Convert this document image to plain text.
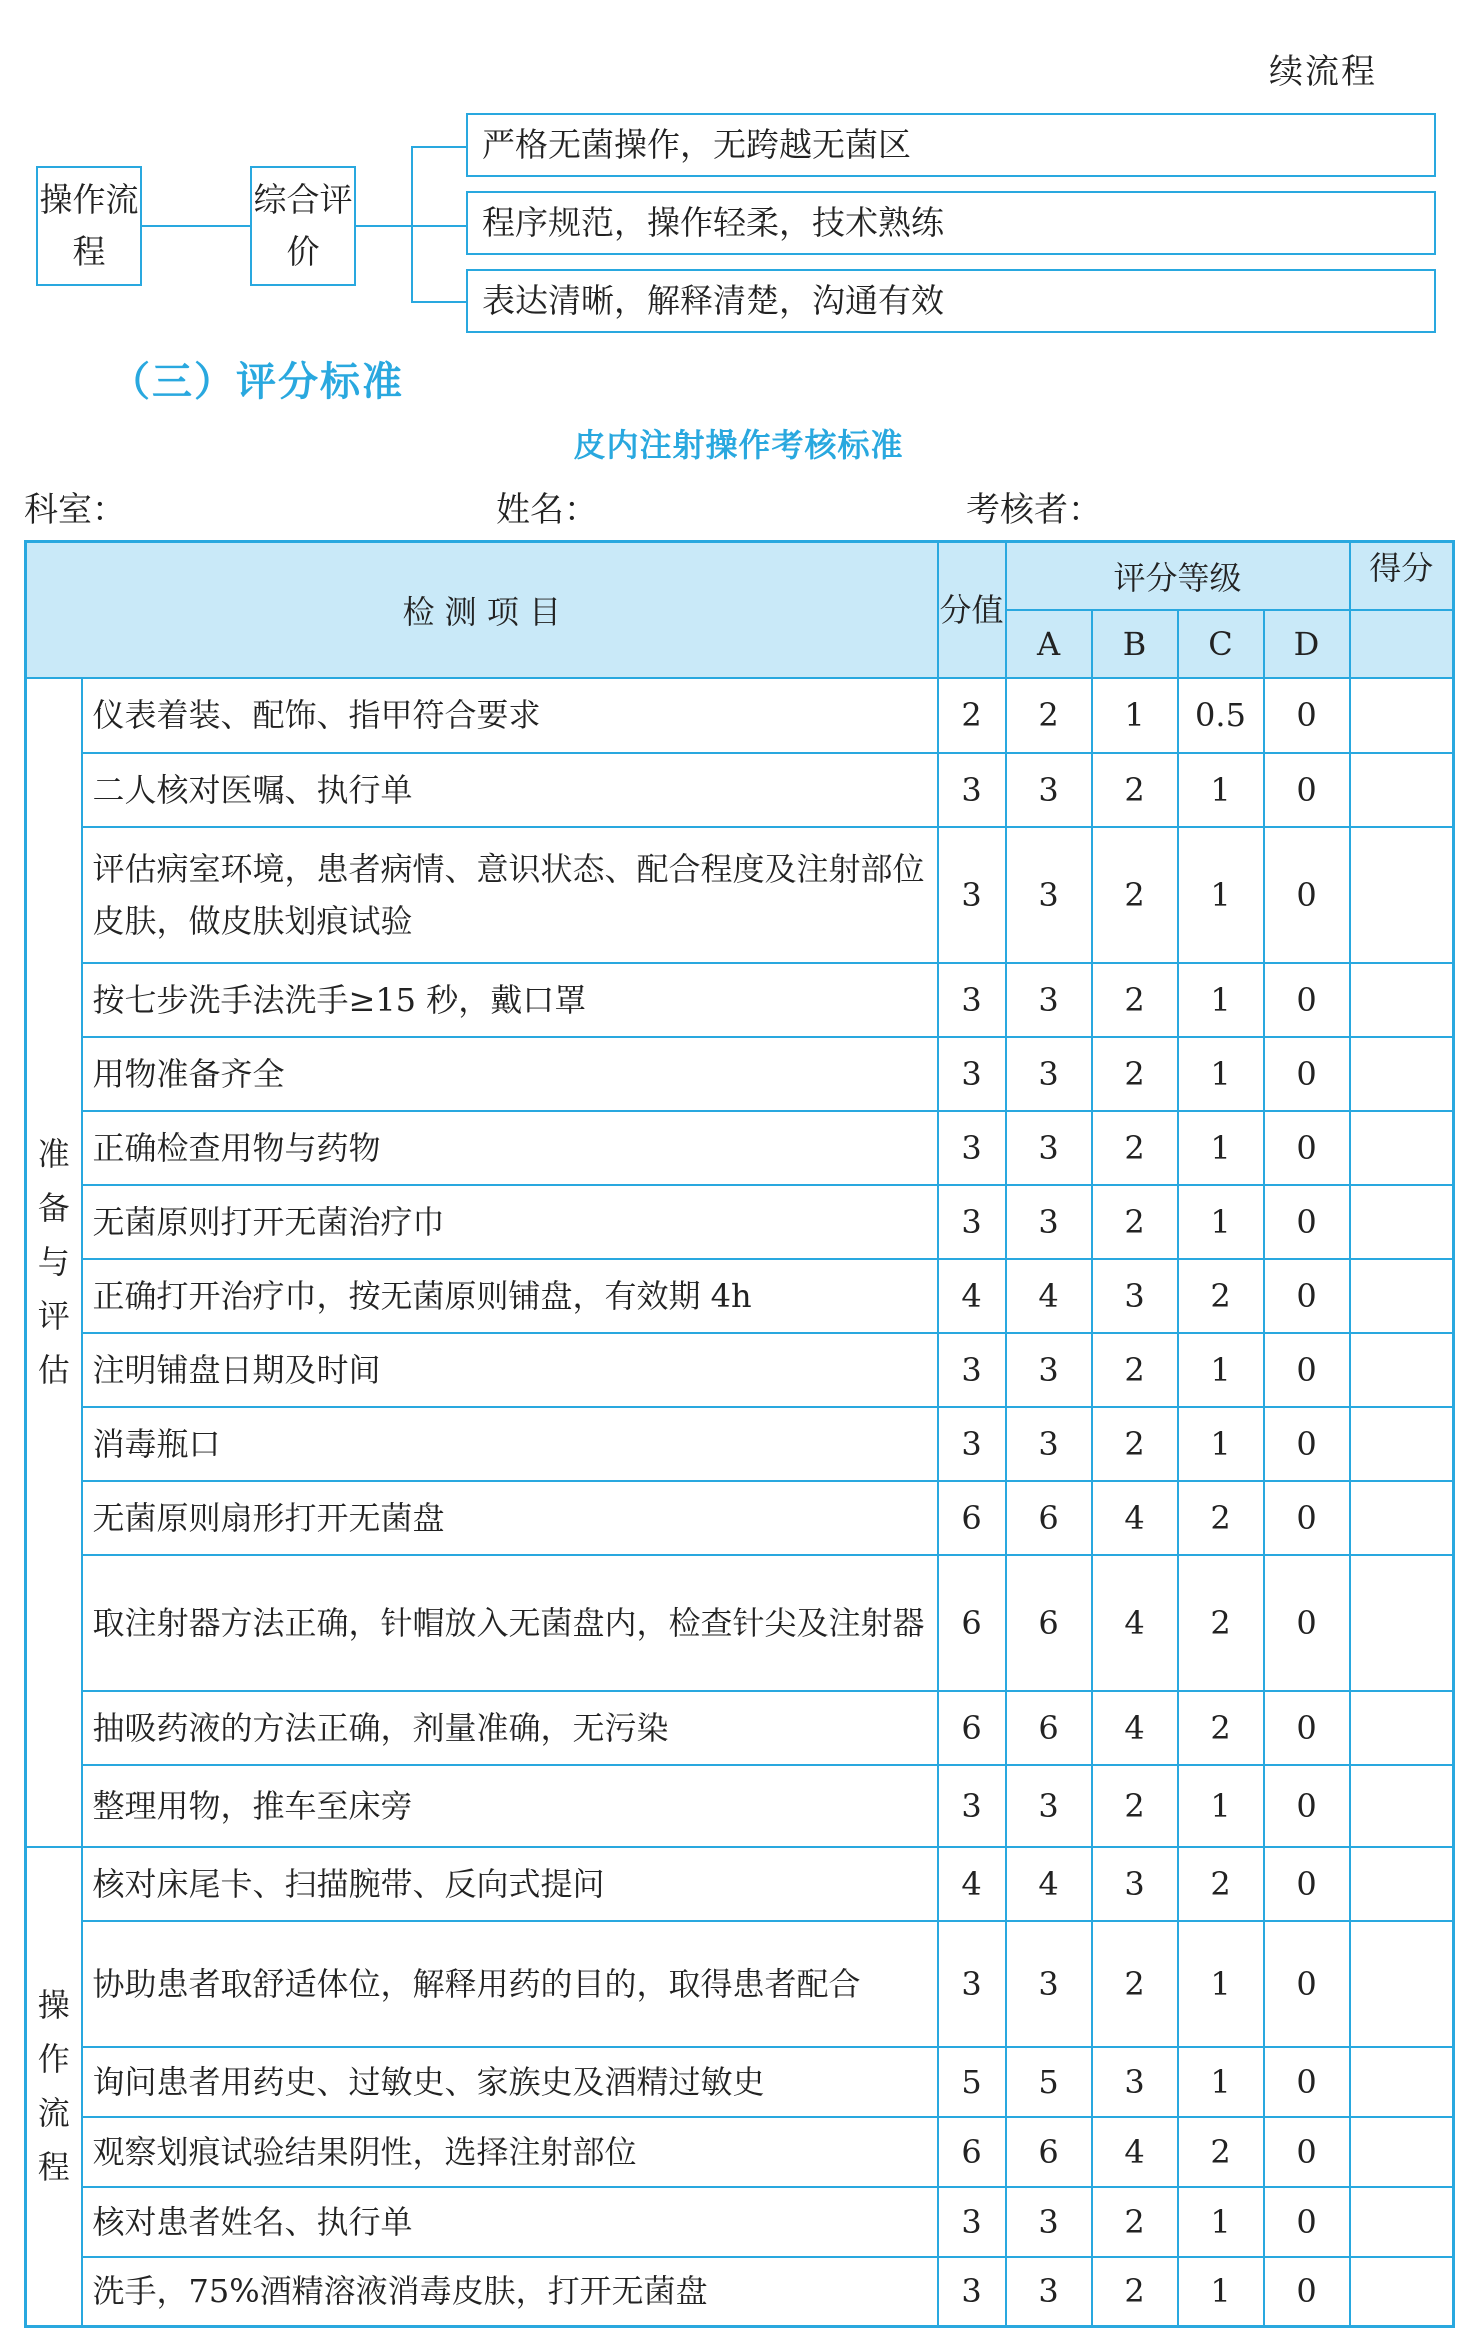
续流程
操作流程
综合评价
严格无菌操作，无跨越无菌区
程序规范，操作轻柔，技术熟练
表达清晰，解释清楚，沟通有效
（三）评分标准
皮内注射操作考核标准
科室：	姓名：	考核者：
检 测 项 目		分值	评分等级				得分
			A	B	C	D	

准
备
与
评
估	仪表着装、配饰、指甲符合要求	2	2	1	0.5	0	
	二人核对医嘱、执行单	3	3	2	1	0	
	评估病室环境，患者病情、意识状态、配合程度及注射部位皮肤，做皮肤划痕试验	3	3	2	1	0	
	按七步洗手法洗手≥15 秒，戴口罩	3	3	2	1	0	
	用物准备齐全	3	3	2	1	0	
	正确检查用物与药物	3	3	2	1	0	
	无菌原则打开无菌治疗巾	3	3	2	1	0	
	正确打开治疗巾，按无菌原则铺盘，有效期 4h	4	4	3	2	0	
	注明铺盘日期及时间	3	3	2	1	0	
	消毒瓶口	3	3	2	1	0	
	无菌原则扇形打开无菌盘	6	6	4	2	0	
	取注射器方法正确，针帽放入无菌盘内，检查针尖及注射器	6	6	4	2	0	
	抽吸药液的方法正确，剂量准确，无污染	6	6	4	2	0	
	整理用物，推车至床旁	3	3	2	1	0	

操
作
流
程	核对床尾卡、扫描腕带、反向式提问	4	4	3	2	0	
	协助患者取舒适体位，解释用药的目的，取得患者配合	3	3	2	1	0	
	询问患者用药史、过敏史、家族史及酒精过敏史	5	5	3	1	0	
	观察划痕试验结果阴性，选择注射部位	6	6	4	2	0	
	核对患者姓名、执行单	3	3	2	1	0	
	洗手，75%酒精溶液消毒皮肤，打开无菌盘	3	3	2	1	0	
